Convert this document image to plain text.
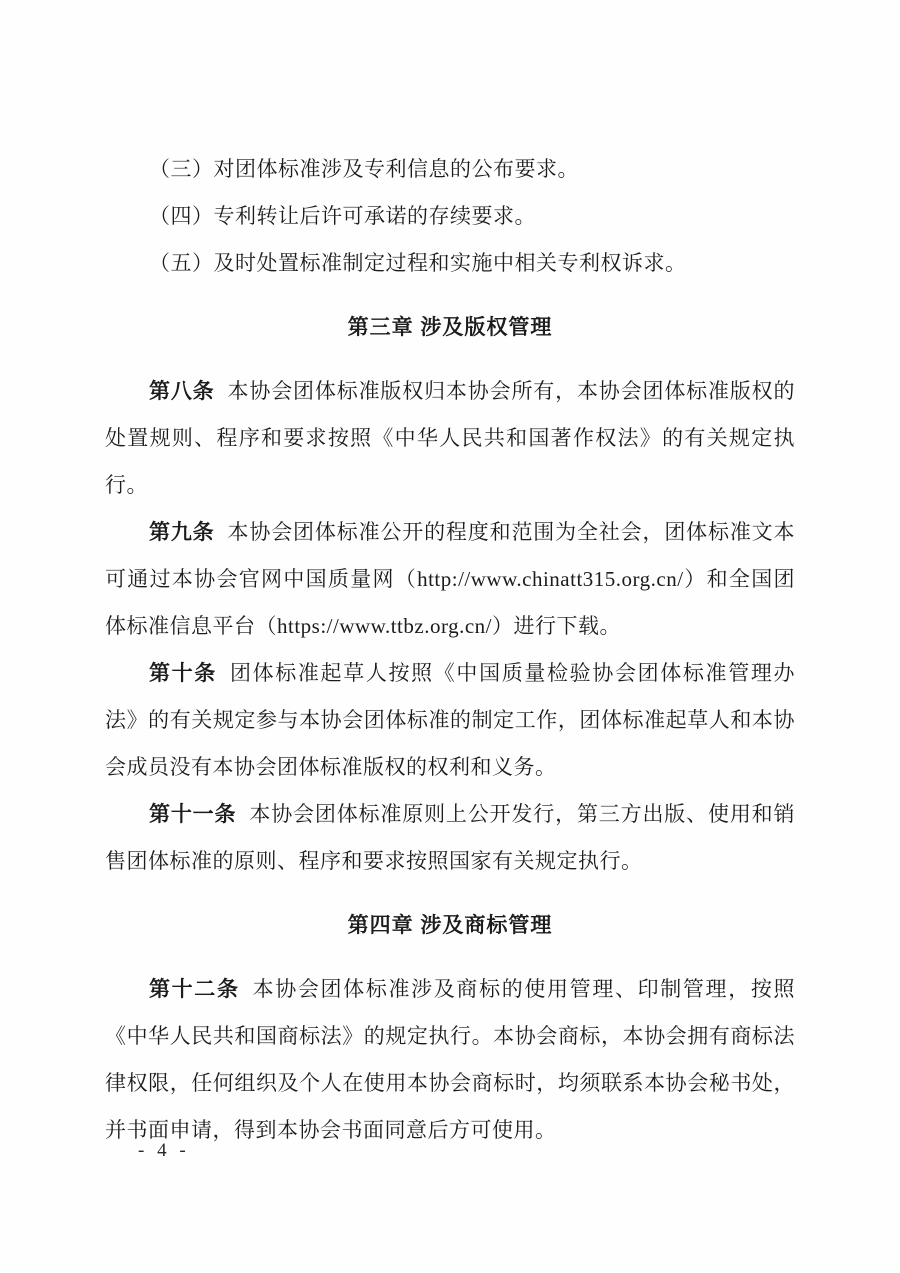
（三）对团体标准涉及专利信息的公布要求。

（四）专利转让后许可承诺的存续要求。

（五）及时处置标准制定过程和实施中相关专利权诉求。

第三章 涉及版权管理

第八条 本协会团体标准版权归本协会所有，本协会团体标准版权的处置规则、程序和要求按照《中华人民共和国著作权法》的有关规定执行。

第九条 本协会团体标准公开的程度和范围为全社会，团体标准文本可通过本协会官网中国质量网（http://www.chinatt315.org.cn/）和全国团体标准信息平台（https://www.ttbz.org.cn/）进行下载。

第十条 团体标准起草人按照《中国质量检验协会团体标准管理办法》的有关规定参与本协会团体标准的制定工作，团体标准起草人和本协会成员没有本协会团体标准版权的权利和义务。

第十一条 本协会团体标准原则上公开发行，第三方出版、使用和销售团体标准的原则、程序和要求按照国家有关规定执行。

第四章 涉及商标管理

第十二条 本协会团体标准涉及商标的使用管理、印制管理，按照《中华人民共和国商标法》的规定执行。本协会商标，本协会拥有商标法律权限，任何组织及个人在使用本协会商标时，均须联系本协会秘书处，并书面申请，得到本协会书面同意后方可使用。

- 4 -
